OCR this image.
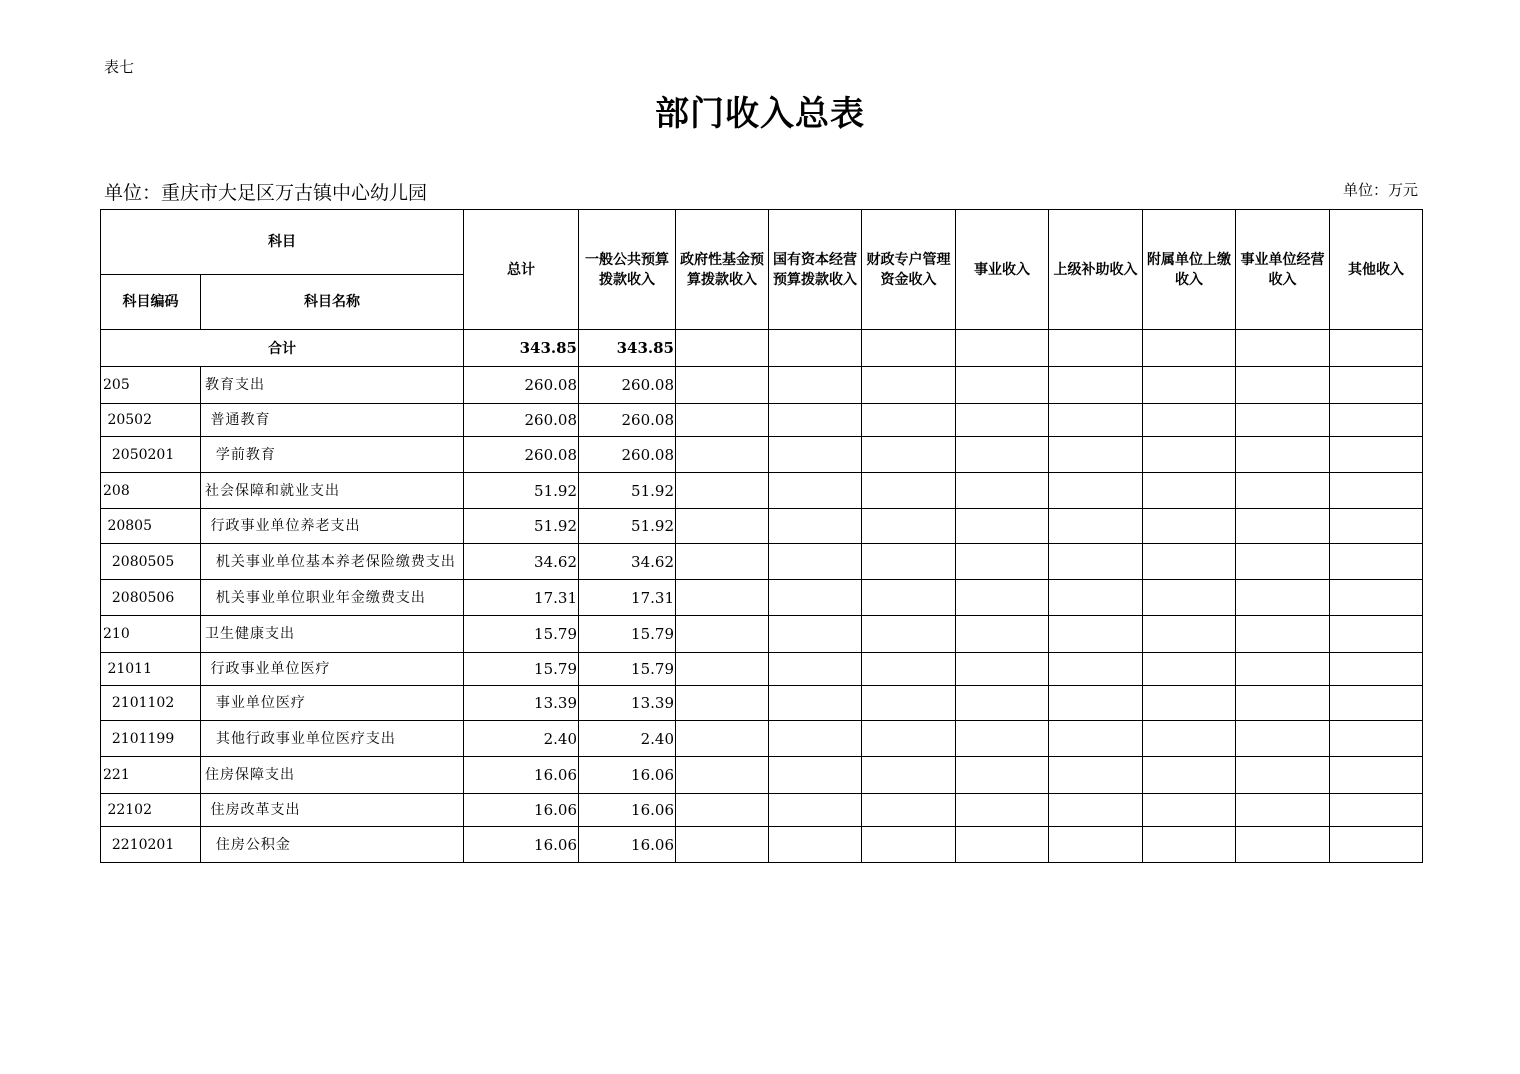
表七
部门收入总表
单位：重庆市大足区万古镇中心幼儿园	单位：万元
科目		总计	一般公共预算拨款收入	政府性基金预算拨款收入	国有资本经营预算拨款收入	财政专户管理资金收入	事业收入	上级补助收入	附属单位上缴收入	事业单位经营收入	其他收入
科目编码	科目名称										
合计		343.85	343.85								
205	教育支出	260.08	260.08								
20502	普通教育	260.08	260.08								
2050201	学前教育	260.08	260.08								
208	社会保障和就业支出	51.92	51.92								
20805	行政事业单位养老支出	51.92	51.92								
2080505	机关事业单位基本养老保险缴费支出	34.62	34.62								
2080506	机关事业单位职业年金缴费支出	17.31	17.31								
210	卫生健康支出	15.79	15.79								
21011	行政事业单位医疗	15.79	15.79								
2101102	事业单位医疗	13.39	13.39								
2101199	其他行政事业单位医疗支出	2.40	2.40								
221	住房保障支出	16.06	16.06								
22102	住房改革支出	16.06	16.06								
2210201	住房公积金	16.06	16.06								
